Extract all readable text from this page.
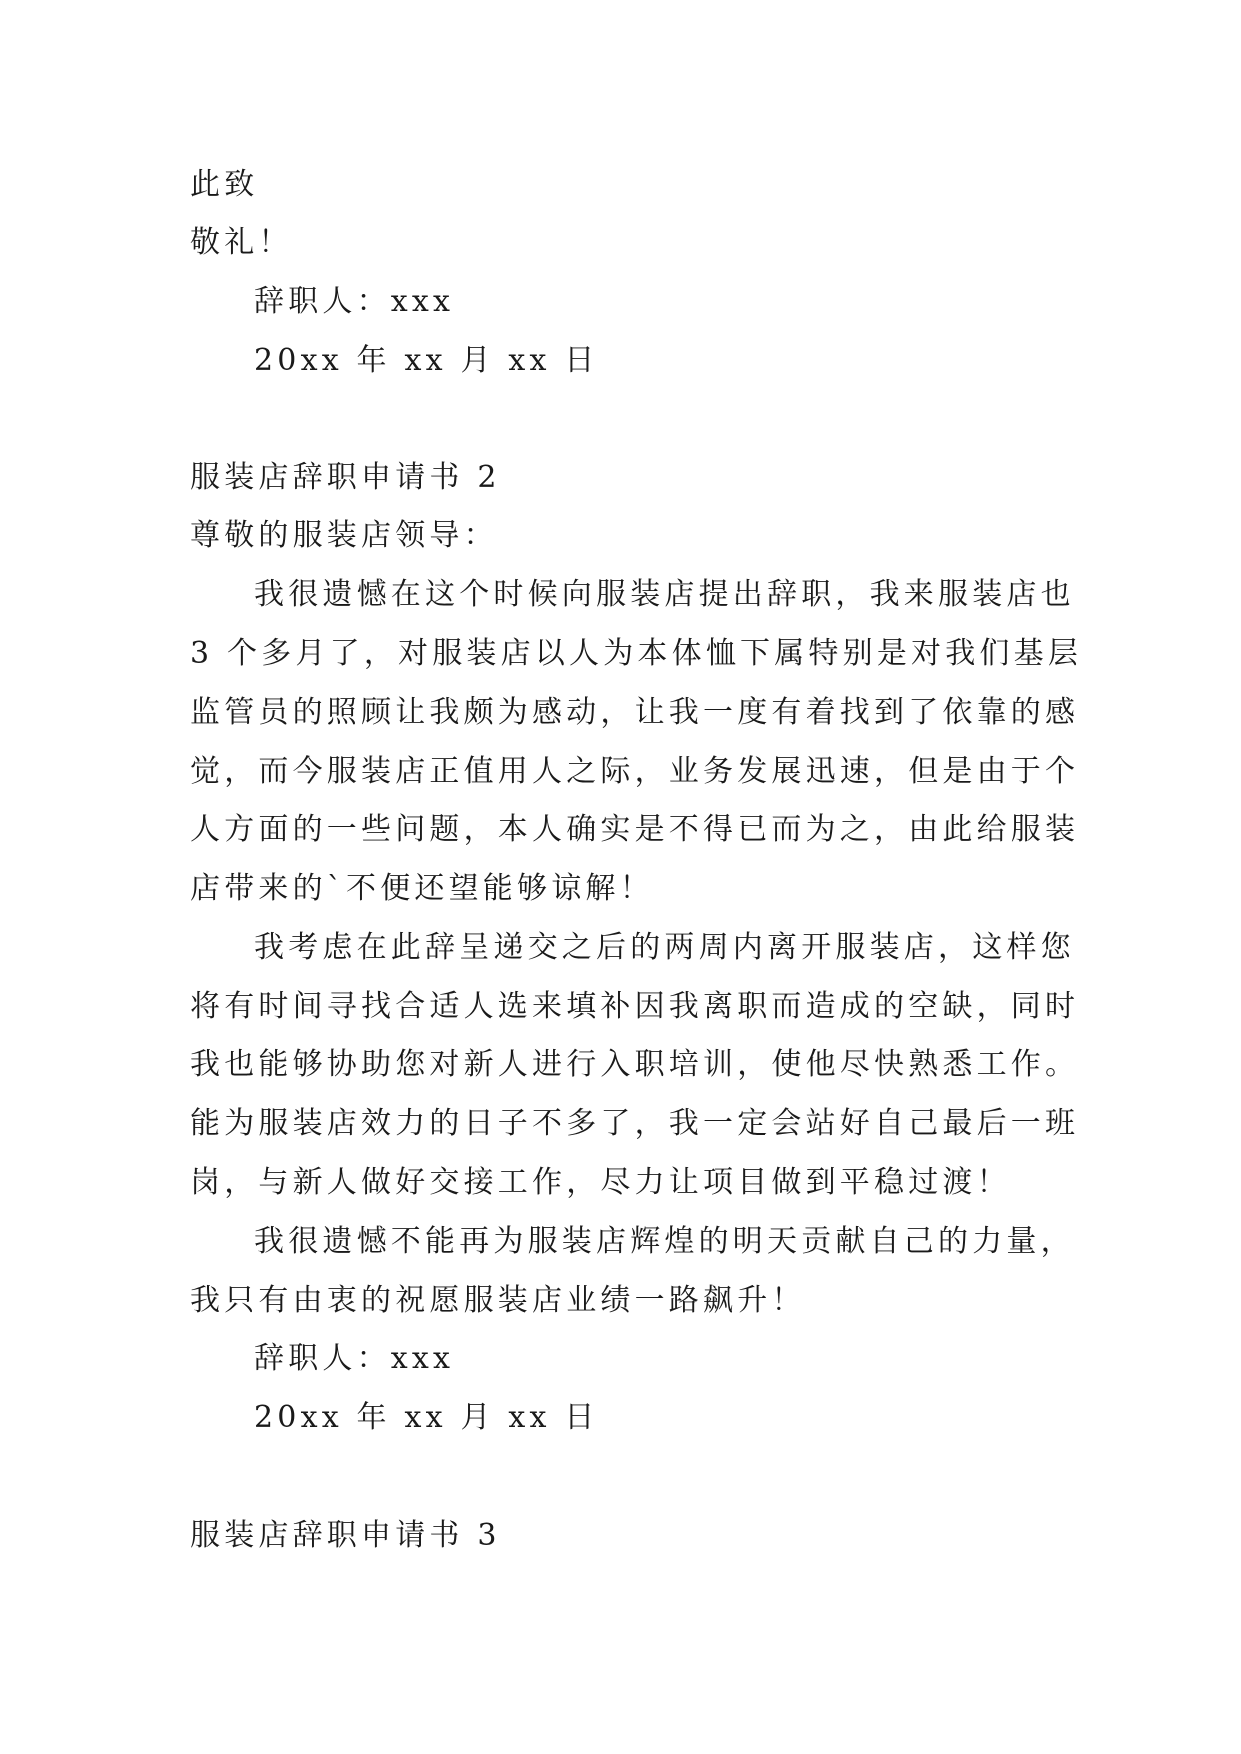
此致
敬礼！
辞职人：xxx
20xx 年 xx 月 xx 日
服装店辞职申请书 2
尊敬的服装店领导：
我很遗憾在这个时候向服装店提出辞职，我来服装店也
3 个多月了，对服装店以人为本体恤下属特别是对我们基层
监管员的照顾让我颇为感动，让我一度有着找到了依靠的感
觉，而今服装店正值用人之际，业务发展迅速，但是由于个
人方面的一些问题，本人确实是不得已而为之，由此给服装
店带来的`不便还望能够谅解！
我考虑在此辞呈递交之后的两周内离开服装店，这样您
将有时间寻找合适人选来填补因我离职而造成的空缺，同时
我也能够协助您对新人进行入职培训，使他尽快熟悉工作。
能为服装店效力的日子不多了，我一定会站好自己最后一班
岗，与新人做好交接工作，尽力让项目做到平稳过渡！
我很遗憾不能再为服装店辉煌的明天贡献自己的力量，
我只有由衷的祝愿服装店业绩一路飙升！
辞职人：xxx
20xx 年 xx 月 xx 日
服装店辞职申请书 3
